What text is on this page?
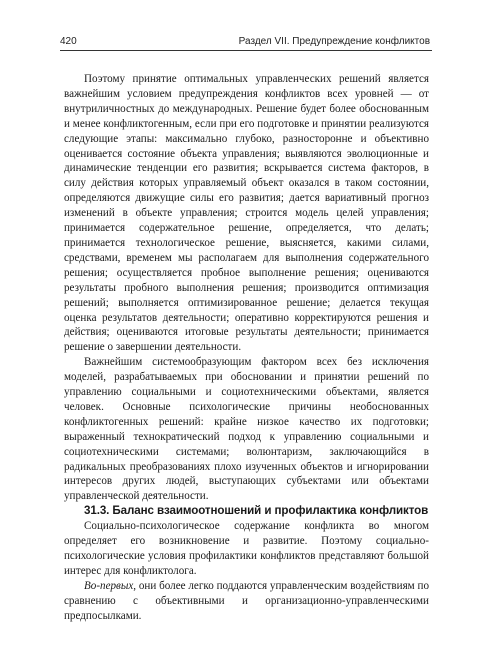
420	Раздел VII. Предупреждение конфликтов

Поэтому принятие оптимальных управленческих решений является важнейшим условием предупреждения конфликтов всех уровней — от внутриличностных до международных. Решение будет более обоснованным и менее конфликтогенным, если при его подготовке и принятии реализуются следующие этапы: максимально глубоко, разносторонне и объективно оценивается состояние объекта управления; выявляются эволюционные и динамические тенденции его развития; вскрывается система факторов, в силу действия которых управляемый объект оказался в таком состоянии, определяются движущие силы его развития; дается вариативный прогноз изменений в объекте управления; строится модель целей управления; принимается содержательное решение, определяется, что делать; принимается технологическое решение, выясняется, какими силами, средствами, временем мы располагаем для выполнения содержательного решения; осуществляется пробное выполнение решения; оцениваются результаты пробного выполнения решения; производится оптимизация решений; выполняется оптимизированное решение; делается текущая оценка результатов деятельности; оперативно корректируются решения и действия; оцениваются итоговые результаты деятельности; принимается решение о завершении деятельности.

Важнейшим системообразующим фактором всех без исключения моделей, разрабатываемых при обосновании и принятии решений по управлению социальными и социотехническими объектами, является человек. Основные психологические причины необоснованных конфликтогенных решений: крайне низкое качество их подготовки; выраженный технократический подход к управлению социальными и социотехническими системами; волюнтаризм, заключающийся в радикальных преобразованиях плохо изученных объектов и игнорировании интересов других людей, выступающих субъектами или объектами управленческой деятельности.

31.3. Баланс взаимоотношений и профилактика конфликтов

Социально-психологическое содержание конфликта во многом определяет его возникновение и развитие. Поэтому социально-психологические условия профилактики конфликтов представляют большой интерес для конфликтолога.

Во-первых, они более легко поддаются управленческим воздействиям по сравнению с объективными и организационно-управленческими предпосылками.
